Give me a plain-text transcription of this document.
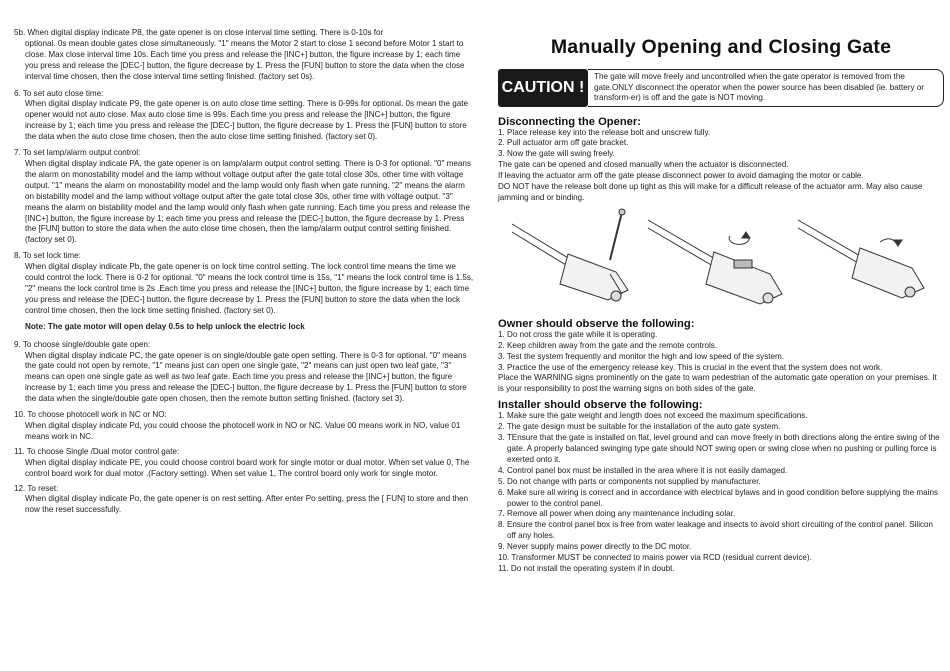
5b. When digital display indicate P8, the gate opener is on close interval time setting. There is 0-10s for
optional. 0s mean double gates close simultaneously. "1" means the Motor 2 start to close 1 second before Motor 1 start to close. Max close interval time 10s. Each time you press and release the [INC+] button, the figure increase by 1; each time you press and release the [DEC-] button, the figure decrease by 1. Press the [FUN] button to store the data when the close interval time chosen, then the close interval time setting finished. (factory set 0s).
6. To set auto close time:
When digital display indicate P9, the gate opener is on auto close time setting. There is 0-99s for optional. 0s mean the gate opener would not auto close. Max auto close time is 99s. Each time you press and release the [INC+] button, the figure increase by 1; each time you press and release the [DEC-] button, the figure decrease by 1. Press the [FUN] button to store the data when the auto close time chosen, then the auto close time setting finished. (factory set 0).
7. To set lamp/alarm output control:
When digital display indicate PA, the gate opener is on lamp/alarm output control setting. There is 0-3 for optional. "0" means the alarm on monostability model and the lamp without voltage output after the gate total close 30s, other time with voltage output. "1" means the alarm on monostability model and the lamp would only flash when gate running. "2" means the alarm on bistability model and the lamp without voltage output after the gate total close 30s, other time with voltage output. "3" means the alarm on bistability model and the lamp would only flash when gate running. Each time you press and release the [INC+] button, the figure increase by 1; each time you press and release the [DEC-] button, the figure decrease by 1. Press the [FUN] button to store the data when the auto close time chosen, then the lamp/alarm output control setting finished. (factory set 0).
8. To set lock time:
When digital display indicate Pb, the gate opener is on lock time control setting. The lock control time means the time we could control the lock. There is 0-2 for optional. "0" means the lock control time is 15s, "1" means the lock control time is 1.5s, "2" means the lock control time is 2s .Each time you press and release the [INC+] button, the figure increase by 1; each time you press and release the [DEC-] button, the figure decrease by 1. Press the [FUN] button to store the data when the lock control time chosen, then the lock time setting finished. (factory set 0).
Note: The gate motor will open delay 0.5s to help unlock the electric lock
9. To choose single/double gate open:
When digital display indicate PC, the gate opener is on single/double gate open setting. There is 0-3 for optional. "0" means the gate could not open by remote, "1" means just can open one single gate, "2" means can just open two leaf gate, "3" means can open one single gate as well as two leaf gate. Each time you press and release the [INC+] button, the figure increase by 1; each time you press and release the [DEC-] button, the figure decrease by 1. Press the [FUN] button to store the data when the single/double gate open chosen, then the remote button setting finished. (factory set 3).
10. To choose photocell work in NC or NO:
When digital display indicate Pd, you could choose the photocell work in NO or NC. Value 00 means work in NO, value 01 means work in NC.
11. To choose Single /Dual motor control gate:
When digital display indicate PE, you could choose control board work for single motor or dual motor. When set value 0, The control board work for dual motor .(Factory setting). When set value 1, The control board only work for single motor.
12. To reset:
When digital display indicate Po, the gate opener is on rest setting. After enter Po setting, press the [ FUN] to store and then now the reset successfully.
Manually Opening and Closing Gate
CAUTION !
The gate will move freely and uncontrolled when the gate operator is removed from the gate.ONLY disconnect the operator when the power source has been disabled (ie. battery or transform-er) is off and the gate is NOT moving.
Disconnecting the Opener:
1. Place release key into the release bolt and unscrew fully.
2. Pull actuator arm off gate bracket.
3. Now the gate will swing freely.
The gate can be opened and closed manually when the actuator is disconnected.
If leaving the actuator arm off the gate please disconnect power to avoid damaging the motor or cable.
DO NOT have the release bolt done up tight as this will make for a difficult release of the actuator arm. May also cause jamming and or binding.
Owner should observe the following:
1. Do not cross the gate while it is operating.
2. Keep children away from the gate and the remote controls.
3. Test the system frequently and monitor the high and low speed of the system.
3. Practice the use of the emergency release key. This is crucial in the event that the system does not work.
Place the WARNING signs prominently on the gate to warn pedestrian of the automatic gate operation on your premises. It is your responsibility to post the warning signs on both sides of the gate.
Installer should observe the following:
1. Make sure the gate weight and length does not exceed the maximum specifications.
2. The gate design must be suitable for the installation of the auto gate system.
3. TEnsure that the gate is installed on flat, level ground and can move freely in both directions along the entire swing of the gate. A properly balanced swinging type gate should NOT swing open or swing close when no pushing or pulling force is exerted onto it.
4. Control panel box must be installed in the area where it is not easily damaged.
5. Do not change with parts or components not supplied by manufacturer.
6. Make sure all wiring is correct and in accordance with electrical bylaws and in good condition before supplying the mains power to the control panel.
7. Remove all power when doing any maintenance including solar.
8. Ensure the control panel box is free from water leakage and insects to avoid short circuiting of the control panel. Silicon off any holes.
9. Never supply mains power directly to the DC motor.
10. Transformer MUST be connected to mains power via RCD (residual current device).
11. Do not install the operating system if in doubt.
